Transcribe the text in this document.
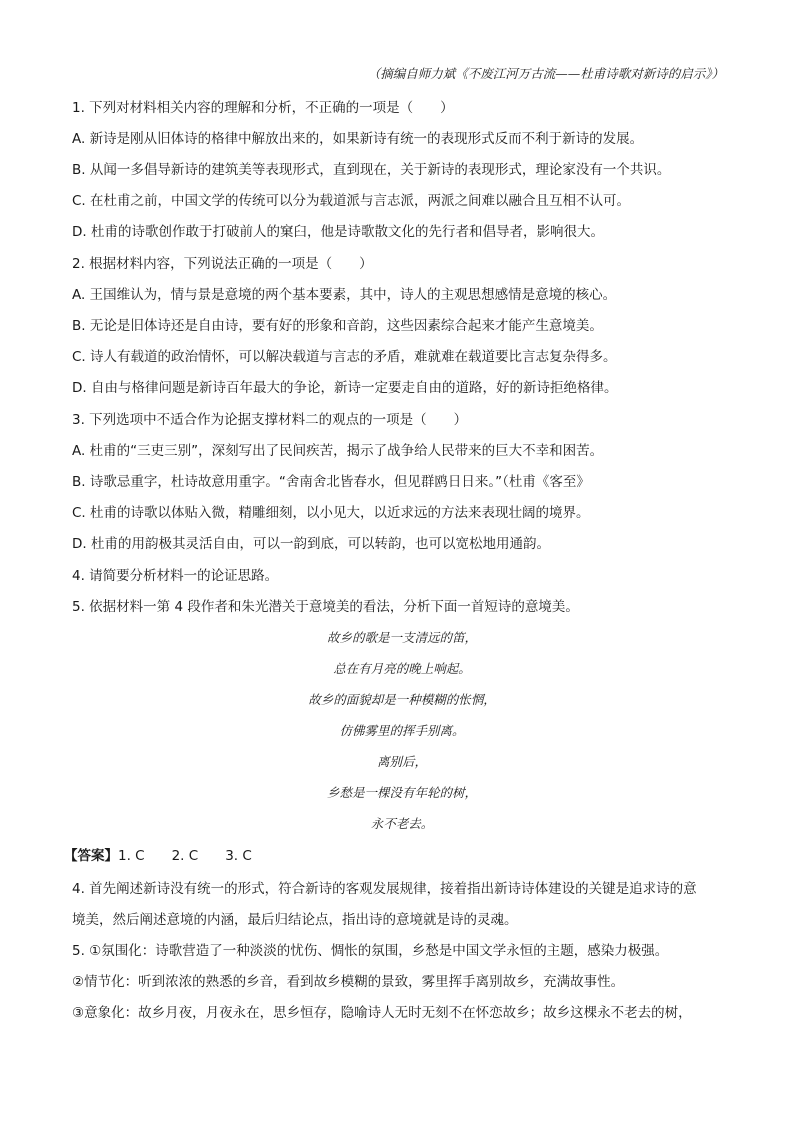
（摘编自师力斌《不废江河万古流——杜甫诗歌对新诗的启示》）
1. 下列对材料相关内容的理解和分析，不正确的一项是（　　）
A. 新诗是刚从旧体诗的格律中解放出来的，如果新诗有统一的表现形式反而不利于新诗的发展。
B. 从闻一多倡导新诗的建筑美等表现形式，直到现在，关于新诗的表现形式，理论家没有一个共识。
C. 在杜甫之前，中国文学的传统可以分为载道派与言志派，两派之间难以融合且互相不认可。
D. 杜甫的诗歌创作敢于打破前人的窠臼，他是诗歌散文化的先行者和倡导者，影响很大。
2. 根据材料内容，下列说法正确的一项是（　　）
A. 王国维认为，情与景是意境的两个基本要素，其中，诗人的主观思想感情是意境的核心。
B. 无论是旧体诗还是自由诗，要有好的形象和音韵，这些因素综合起来才能产生意境美。
C. 诗人有载道的政治情怀，可以解决载道与言志的矛盾，难就难在载道要比言志复杂得多。
D. 自由与格律问题是新诗百年最大的争论，新诗一定要走自由的道路，好的新诗拒绝格律。
3. 下列选项中不适合作为论据支撑材料二的观点的一项是（　　）
A. 杜甫的“三吏三别”，深刻写出了民间疾苦，揭示了战争给人民带来的巨大不幸和困苦。
B. 诗歌忌重字，杜诗故意用重字。“舍南舍北皆春水，但见群鸥日日来。”（杜甫《客至》
C. 杜甫的诗歌以体贴入微，精雕细刻，以小见大，以近求远的方法来表现壮阔的境界。
D. 杜甫的用韵极其灵活自由，可以一韵到底，可以转韵，也可以宽松地用通韵。
4. 请简要分析材料一的论证思路。
5. 依据材料一第 4 段作者和朱光潜关于意境美的看法，分析下面一首短诗的意境美。
故乡的歌是一支清远的笛，
总在有月亮的晚上响起。
故乡的面貌却是一种模糊的怅惘，
仿佛雾里的挥手别离。
离别后，
乡愁是一棵没有年轮的树，
永不老去。
【答案】1. C　　2. C　　3. C
4. 首先阐述新诗没有统一的形式，符合新诗的客观发展规律，接着指出新诗诗体建设的关键是追求诗的意
境美，然后阐述意境的内涵，最后归结论点，指出诗的意境就是诗的灵魂。
5. ①氛围化：诗歌营造了一种淡淡的忧伤、惆怅的氛围，乡愁是中国文学永恒的主题，感染力极强。
②情节化：听到浓浓的熟悉的乡音，看到故乡模糊的景致，雾里挥手离别故乡，充满故事性。
③意象化：故乡月夜，月夜永在，思乡恒存，隐喻诗人无时无刻不在怀恋故乡；故乡这棵永不老去的树，
